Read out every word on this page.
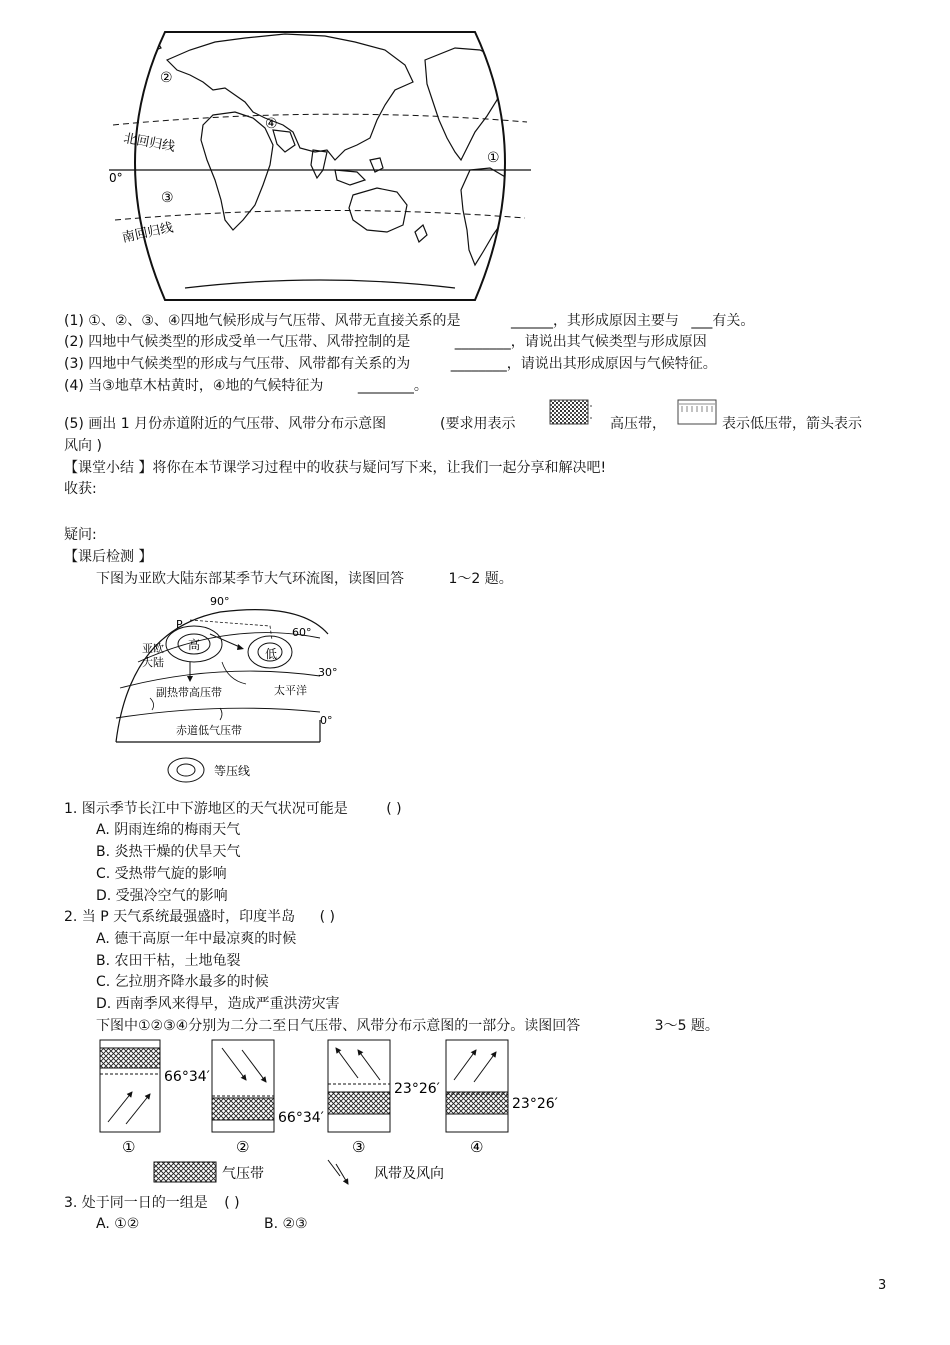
北回归线
0°
南回归线
②
④
①
③
(1) ①、②、③、④四地气候形成与气压带、风带无直接关系的是	______，其形成原因主要与 ___有关。
(2) 四地中气候类型的形成受单一气压带、风带控制的是	________，请说出其气候类型与形成原因
(3) 四地中气候类型的形成与气压带、风带都有关系的为	________，请说出其形成原因与气候特征。
(4) 当③地草木枯黄时，④地的气候特征为 ________。
(5) 画出 1 月份赤道附近的气压带、风带分布示意图	(要求用表示	高压带，	表示低压带，箭头表示
风向 )
【课堂小结 】将你在本节课学习过程中的收获与疑问写下来，让我们一起分享和解决吧!
收获:
疑问:
【课后检测 】
下图为亚欧大陆东部某季节大气环流图，读图回答	1～2 题。
90°
60°
30°
0°
P
高
低
亚欧
大陆
副热带高压带	太平洋
赤道低气压带
等压线
1. 图示季节长江中下游地区的天气状况可能是	( )
A. 阴雨连绵的梅雨天气
B. 炎热干燥的伏旱天气
C. 受热带气旋的影响
D. 受强冷空气的影响
2. 当 P 天气系统最强盛时，印度半岛 ( )
A. 德干高原一年中最凉爽的时候
B. 农田干枯，土地龟裂
C. 乞拉朋齐降水最多的时候
D. 西南季风来得早，造成严重洪涝灾害
下图中①②③④分别为二分二至日气压带、风带分布示意图的一部分。读图回答	3～5 题。
66°34′
66°34′
23°26′
23°26′
①	②	③	④
气压带	风带及风向
3. 处于同一日的一组是 ( )
A. ①②	B. ②③
3
